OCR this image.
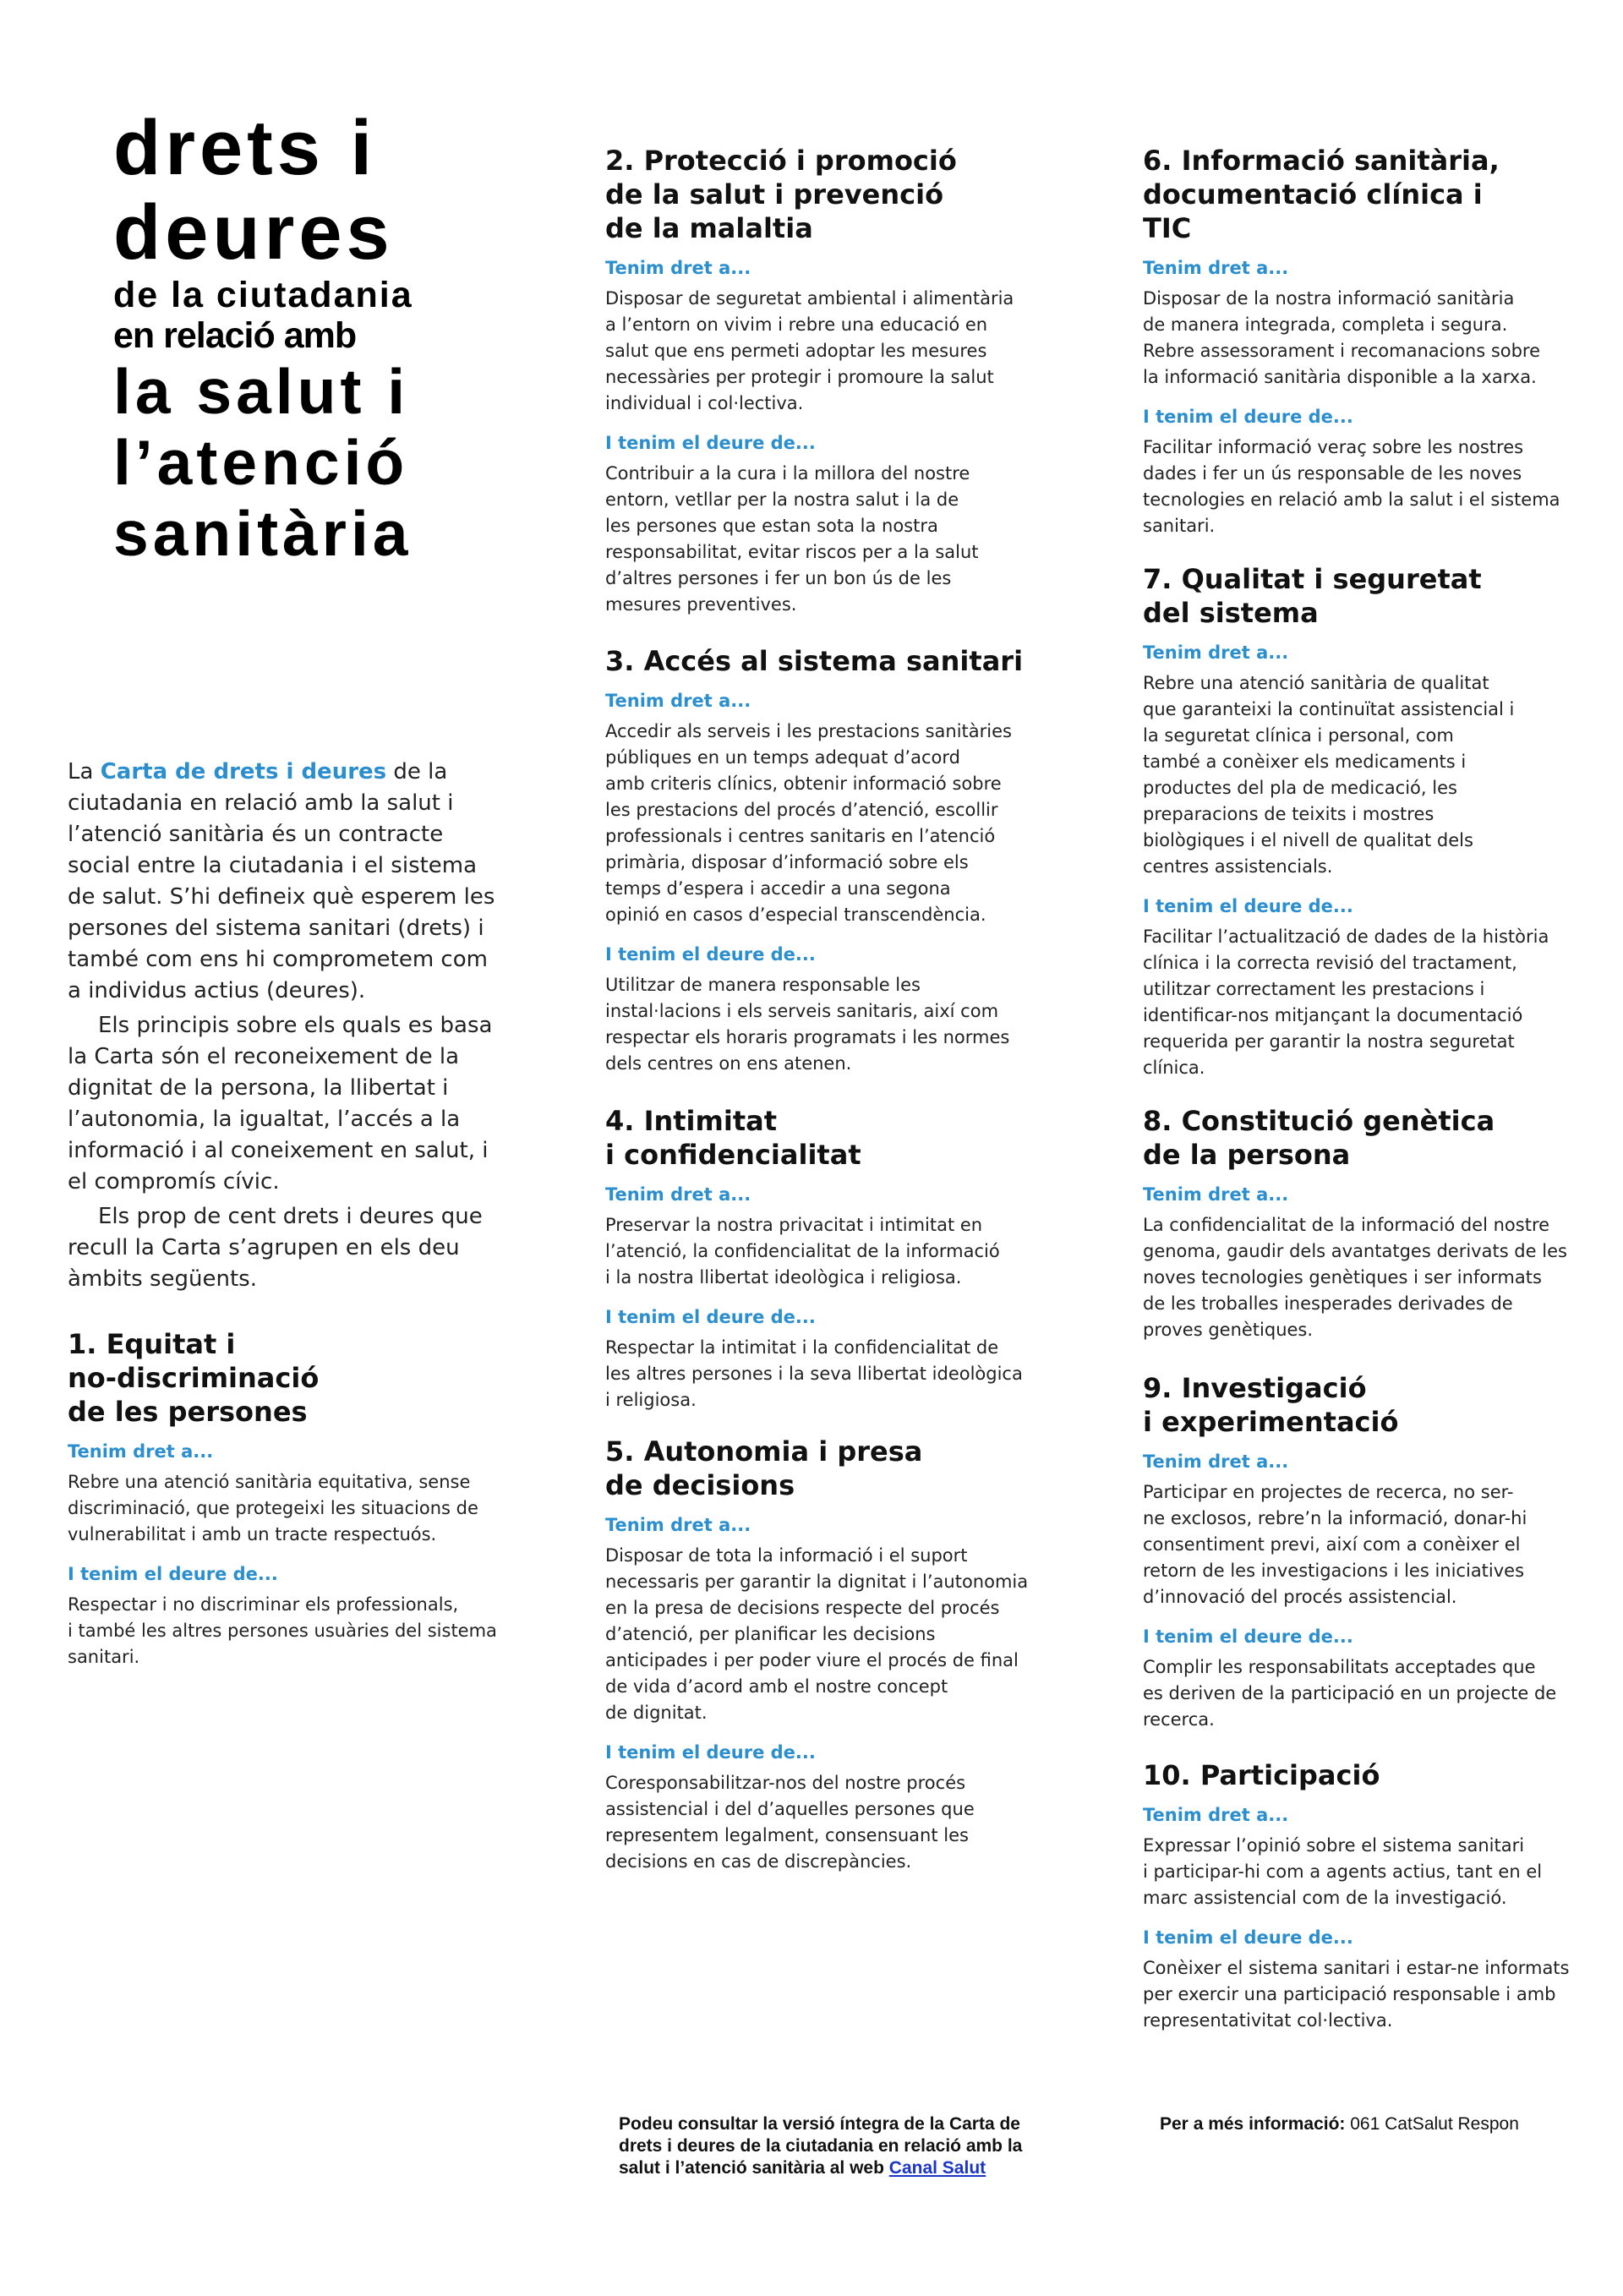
drets i
deures
de la ciutadania
en relació amb
la salut i
l’atenció
sanitària

La Carta de drets i deures de la ciutadania en relació amb la salut i l’atenció sanitària és un contracte social entre la ciutadania i el sistema de salut. S’hi defineix què esperem les persones del sistema sanitari (drets) i també com ens hi comprometem com a individus actius (deures).

Els principis sobre els quals es basa la Carta són el reconeixement de la dignitat de la persona, la llibertat i l’autonomia, la igualtat, l’accés a la informació i al coneixement en salut, i el compromís cívic.

Els prop de cent drets i deures que recull la Carta s’agrupen en els deu àmbits següents.

1. Equitat i
no-discriminació
de les persones
Tenim dret a...

Rebre una atenció sanitària equitativa, sense
discriminació, que protegeixi les situacions de
vulnerabilitat i amb un tracte respectuós.

I tenim el deure de...

Respectar i no discriminar els professionals,
i també les altres persones usuàries del sistema
sanitari.

2. Protecció i promoció
de la salut i prevenció
de la malaltia
Tenim dret a...

Disposar de seguretat ambiental i alimentària
a l’entorn on vivim i rebre una educació en
salut que ens permeti adoptar les mesures
necessàries per protegir i promoure la salut
individual i col·lectiva.

I tenim el deure de...

Contribuir a la cura i la millora del nostre
entorn, vetllar per la nostra salut i la de
les persones que estan sota la nostra
responsabilitat, evitar riscos per a la salut
d’altres persones i fer un bon ús de les
mesures preventives.

3. Accés al sistema sanitari
Tenim dret a...

Accedir als serveis i les prestacions sanitàries
públiques en un temps adequat d’acord
amb criteris clínics, obtenir informació sobre
les prestacions del procés d’atenció, escollir
professionals i centres sanitaris en l’atenció
primària, disposar d’informació sobre els
temps d’espera i accedir a una segona
opinió en casos d’especial transcendència.

I tenim el deure de...

Utilitzar de manera responsable les
instal·lacions i els serveis sanitaris, així com
respectar els horaris programats i les normes
dels centres on ens atenen.

4. Intimitat
i confidencialitat
Tenim dret a...

Preservar la nostra privacitat i intimitat en
l’atenció, la confidencialitat de la informació
i la nostra llibertat ideològica i religiosa.

I tenim el deure de...

Respectar la intimitat i la confidencialitat de
les altres persones i la seva llibertat ideològica
i religiosa.

5. Autonomia i presa
de decisions
Tenim dret a...

Disposar de tota la informació i el suport
necessaris per garantir la dignitat i l’autonomia
en la presa de decisions respecte del procés
d’atenció, per planificar les decisions
anticipades i per poder viure el procés de final
de vida d’acord amb el nostre concept
de dignitat.

I tenim el deure de...

Coresponsabilitzar-nos del nostre procés
assistencial i del d’aquelles persones que
representem legalment, consensuant les
decisions en cas de discrepàncies.

6. Informació sanitària,
documentació clínica i
TIC
Tenim dret a...

Disposar de la nostra informació sanitària
de manera integrada, completa i segura.
Rebre assessorament i recomanacions sobre
la informació sanitària disponible a la xarxa.

I tenim el deure de...

Facilitar informació veraç sobre les nostres
dades i fer un ús responsable de les noves
tecnologies en relació amb la salut i el sistema
sanitari.

7. Qualitat i seguretat
del sistema
Tenim dret a...

Rebre una atenció sanitària de qualitat
que garanteixi la continuïtat assistencial i
la seguretat clínica i personal, com
també a conèixer els medicaments i
productes del pla de medicació, les
preparacions de teixits i mostres
biològiques i el nivell de qualitat dels
centres assistencials.

I tenim el deure de...

Facilitar l’actualització de dades de la història
clínica i la correcta revisió del tractament,
utilitzar correctament les prestacions i
identificar-nos mitjançant la documentació
requerida per garantir la nostra seguretat
clínica.

8. Constitució genètica
de la persona
Tenim dret a...

La confidencialitat de la informació del nostre
genoma, gaudir dels avantatges derivats de les
noves tecnologies genètiques i ser informats
de les troballes inesperades derivades de
proves genètiques.

9. Investigació
i experimentació
Tenim dret a...

Participar en projectes de recerca, no ser-
ne exclosos, rebre’n la informació, donar-hi
consentiment previ, així com a conèixer el
retorn de les investigacions i les iniciatives
d’innovació del procés assistencial.

I tenim el deure de...

Complir les responsabilitats acceptades que
es deriven de la participació en un projecte de
recerca.

10. Participació
Tenim dret a...

Expressar l’opinió sobre el sistema sanitari
i participar-hi com a agents actius, tant en el
marc assistencial com de la investigació.

I tenim el deure de...

Conèixer el sistema sanitari i estar-ne informats
per exercir una participació responsable i amb
representativitat col·lectiva.

Podeu consultar la versió íntegra de la Carta de drets i deures de la ciutadania en relació amb la salut i l’atenció sanitària al web Canal Salut
Per a més informació: 061 CatSalut Respon
